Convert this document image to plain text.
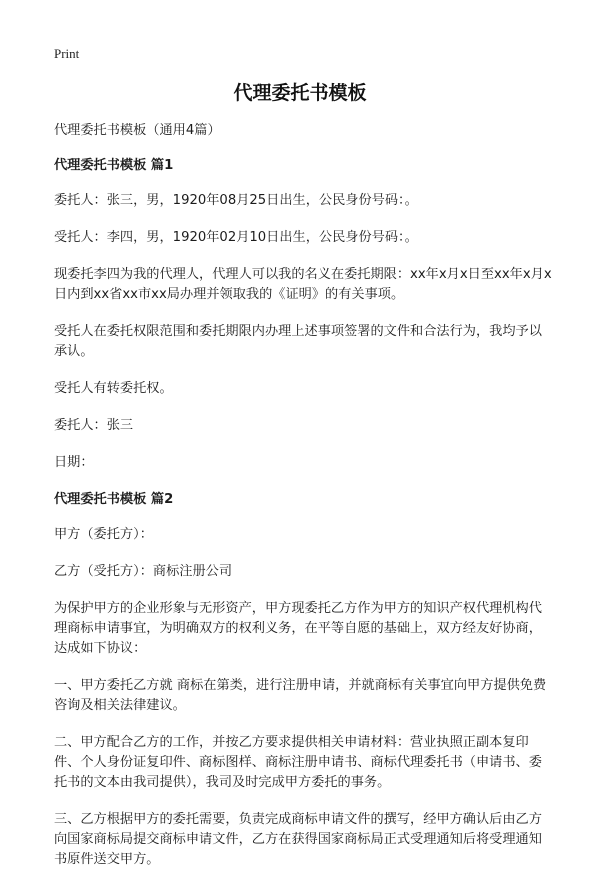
Print
代理委托书模板

代理委托书模板（通用4篇）

代理委托书模板 篇1

委托人：张三，男，1920年08月25日出生，公民身份号码：。

受托人：李四，男，1920年02月10日出生，公民身份号码：。

现委托李四为我的代理人，代理人可以我的名义在委托期限：xx年x月x日至xx年x月x日内到xx省xx市xx局办理并领取我的《证明》的有关事项。

受托人在委托权限范围和委托期限内办理上述事项签署的文件和合法行为，我均予以承认。

受托人有转委托权。

委托人：张三

日期：

代理委托书模板 篇2

甲方（委托方）：

乙方（受托方）：商标注册公司

为保护甲方的企业形象与无形资产，甲方现委托乙方作为甲方的知识产权代理机构代理商标申请事宜，为明确双方的权利义务，在平等自愿的基础上，双方经友好协商，达成如下协议：

一、甲方委托乙方就 商标在第类，进行注册申请，并就商标有关事宜向甲方提供免费咨询及相关法律建议。

二、甲方配合乙方的工作，并按乙方要求提供相关申请材料：营业执照正副本复印件、个人身份证复印件、商标图样、商标注册申请书、商标代理委托书（申请书、委托书的文本由我司提供），我司及时完成甲方委托的事务。

三、乙方根据甲方的委托需要，负责完成商标申请文件的撰写，经甲方确认后由乙方向国家商标局提交商标申请文件，乙方在获得国家商标局正式受理通知后将受理通知书原件送交甲方。
